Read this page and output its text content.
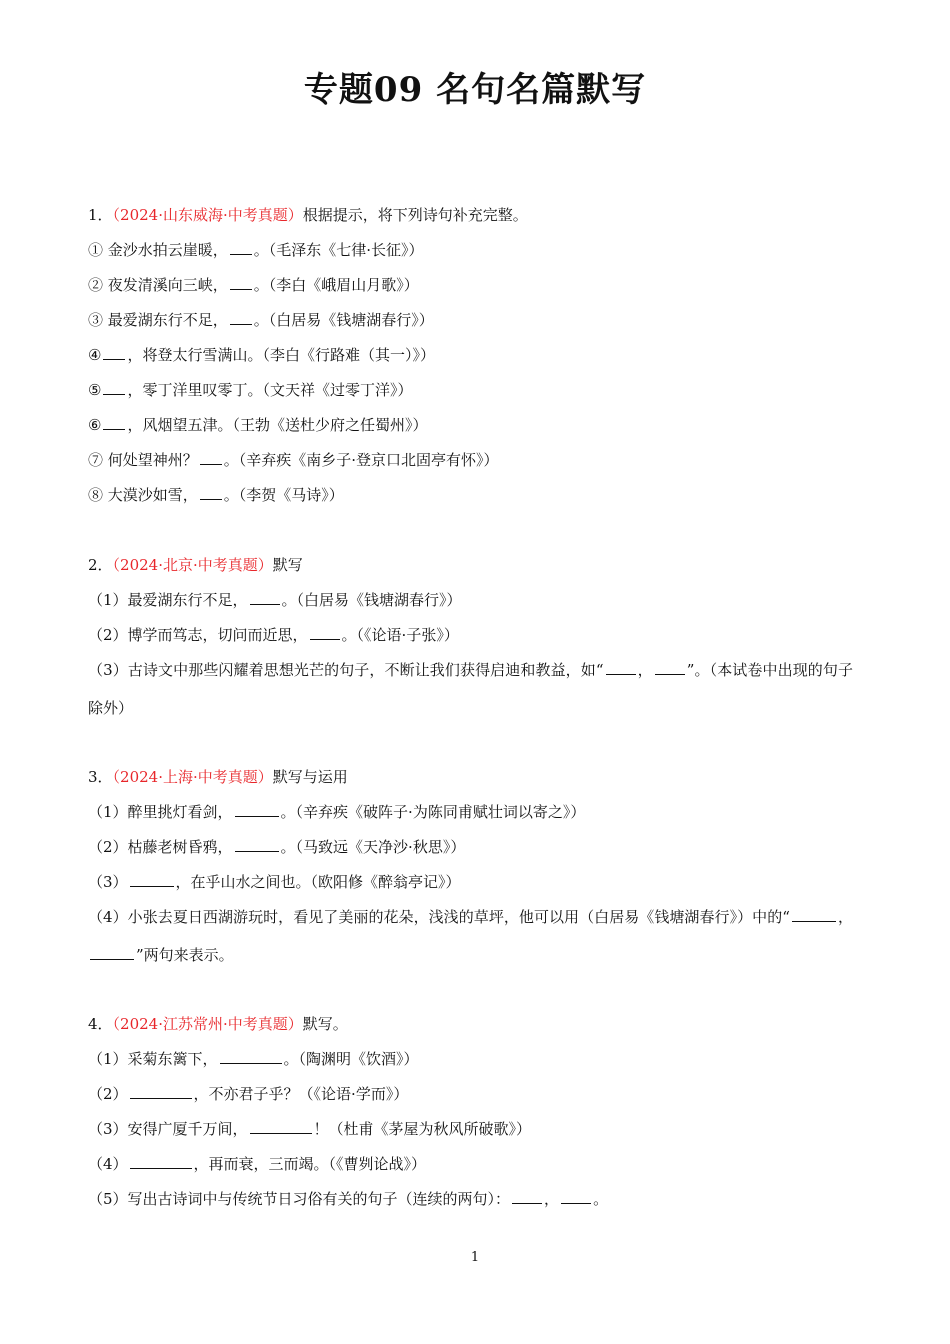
专题09 名句名篇默写
1．（2024·山东威海·中考真题）根据提示，将下列诗句补充完整。
① 金沙水拍云崖暖， 。（毛泽东《七律·长征》）
② 夜发清溪向三峡， 。（李白《峨眉山月歌》）
③ 最爱湖东行不足， 。（白居易《钱塘湖春行》）
④ ，将登太行雪满山。（李白《行路难（其一）》）
⑤ ，零丁洋里叹零丁。（文天祥《过零丁洋》）
⑥ ，风烟望五津。（王勃《送杜少府之任蜀州》）
⑦ 何处望神州？ 。（辛弃疾《南乡子·登京口北固亭有怀》）
⑧ 大漠沙如雪， 。（李贺《马诗》）
2．（2024·北京·中考真题）默写
（1）最爱湖东行不足， 。（白居易《钱塘湖春行》）
（2）博学而笃志，切问而近思， 。（《论语·子张》）
（3）古诗文中那些闪耀着思想光芒的句子，不断让我们获得启迪和教益，如“ ， ”。（本试卷中出现的句子除外）
3．（2024·上海·中考真题）默写与运用
（1）醉里挑灯看剑，	。（辛弃疾《破阵子·为陈同甫赋壮词以寄之》）
（2）枯藤老树昏鸦，	。（马致远《天净沙·秋思》）
（3）	，在乎山水之间也。（欧阳修《醉翁亭记》）
（4）小张去夏日西湖游玩时，看见了美丽的花朵，浅浅的草坪，他可以用（白居易《钱塘湖春行》）中的“	，”两句来表示。
4．（2024·江苏常州·中考真题）默写。
（1）采菊东篱下，	。（陶渊明《饮酒》）
（2）	，不亦君子乎？（《论语·学而》）
（3）安得广厦千万间，	！（杜甫《茅屋为秋风所破歌》）
（4）	，再而衰，三而竭。（《曹刿论战》）
（5）写出古诗词中与传统节日习俗有关的句子（连续的两句）： ， 。
1
